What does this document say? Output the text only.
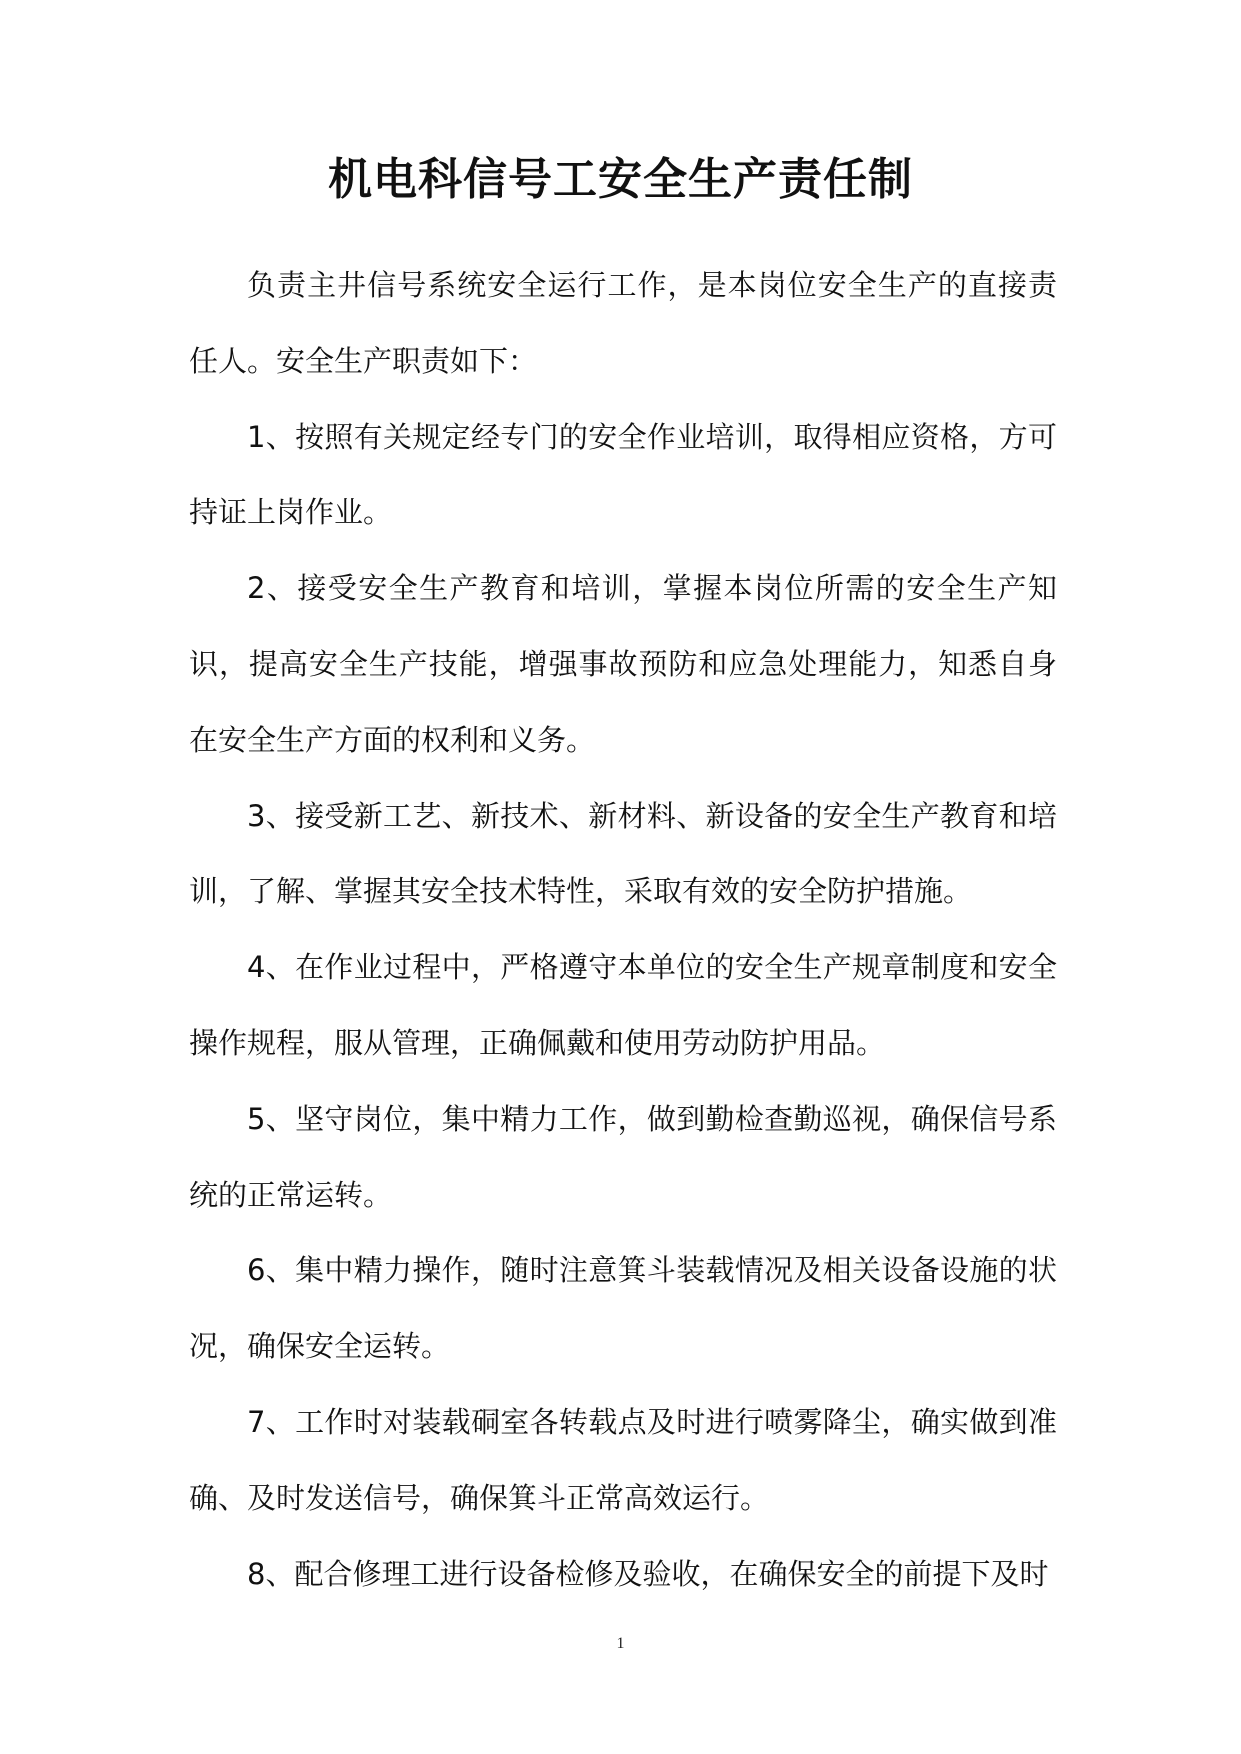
机电科信号工安全生产责任制

负责主井信号系统安全运行工作，是本岗位安全生产的直接责任人。安全生产职责如下：

1、按照有关规定经专门的安全作业培训，取得相应资格，方可持证上岗作业。

2、接受安全生产教育和培训，掌握本岗位所需的安全生产知识，提高安全生产技能，增强事故预防和应急处理能力，知悉自身在安全生产方面的权利和义务。

3、接受新工艺、新技术、新材料、新设备的安全生产教育和培训，了解、掌握其安全技术特性，采取有效的安全防护措施。

4、在作业过程中，严格遵守本单位的安全生产规章制度和安全操作规程，服从管理，正确佩戴和使用劳动防护用品。

5、坚守岗位，集中精力工作，做到勤检查勤巡视，确保信号系统的正常运转。

6、集中精力操作，随时注意箕斗装载情况及相关设备设施的状况，确保安全运转。

7、工作时对装载硐室各转载点及时进行喷雾降尘，确实做到准确、及时发送信号，确保箕斗正常高效运行。

8、配合修理工进行设备检修及验收，在确保安全的前提下及时

1
